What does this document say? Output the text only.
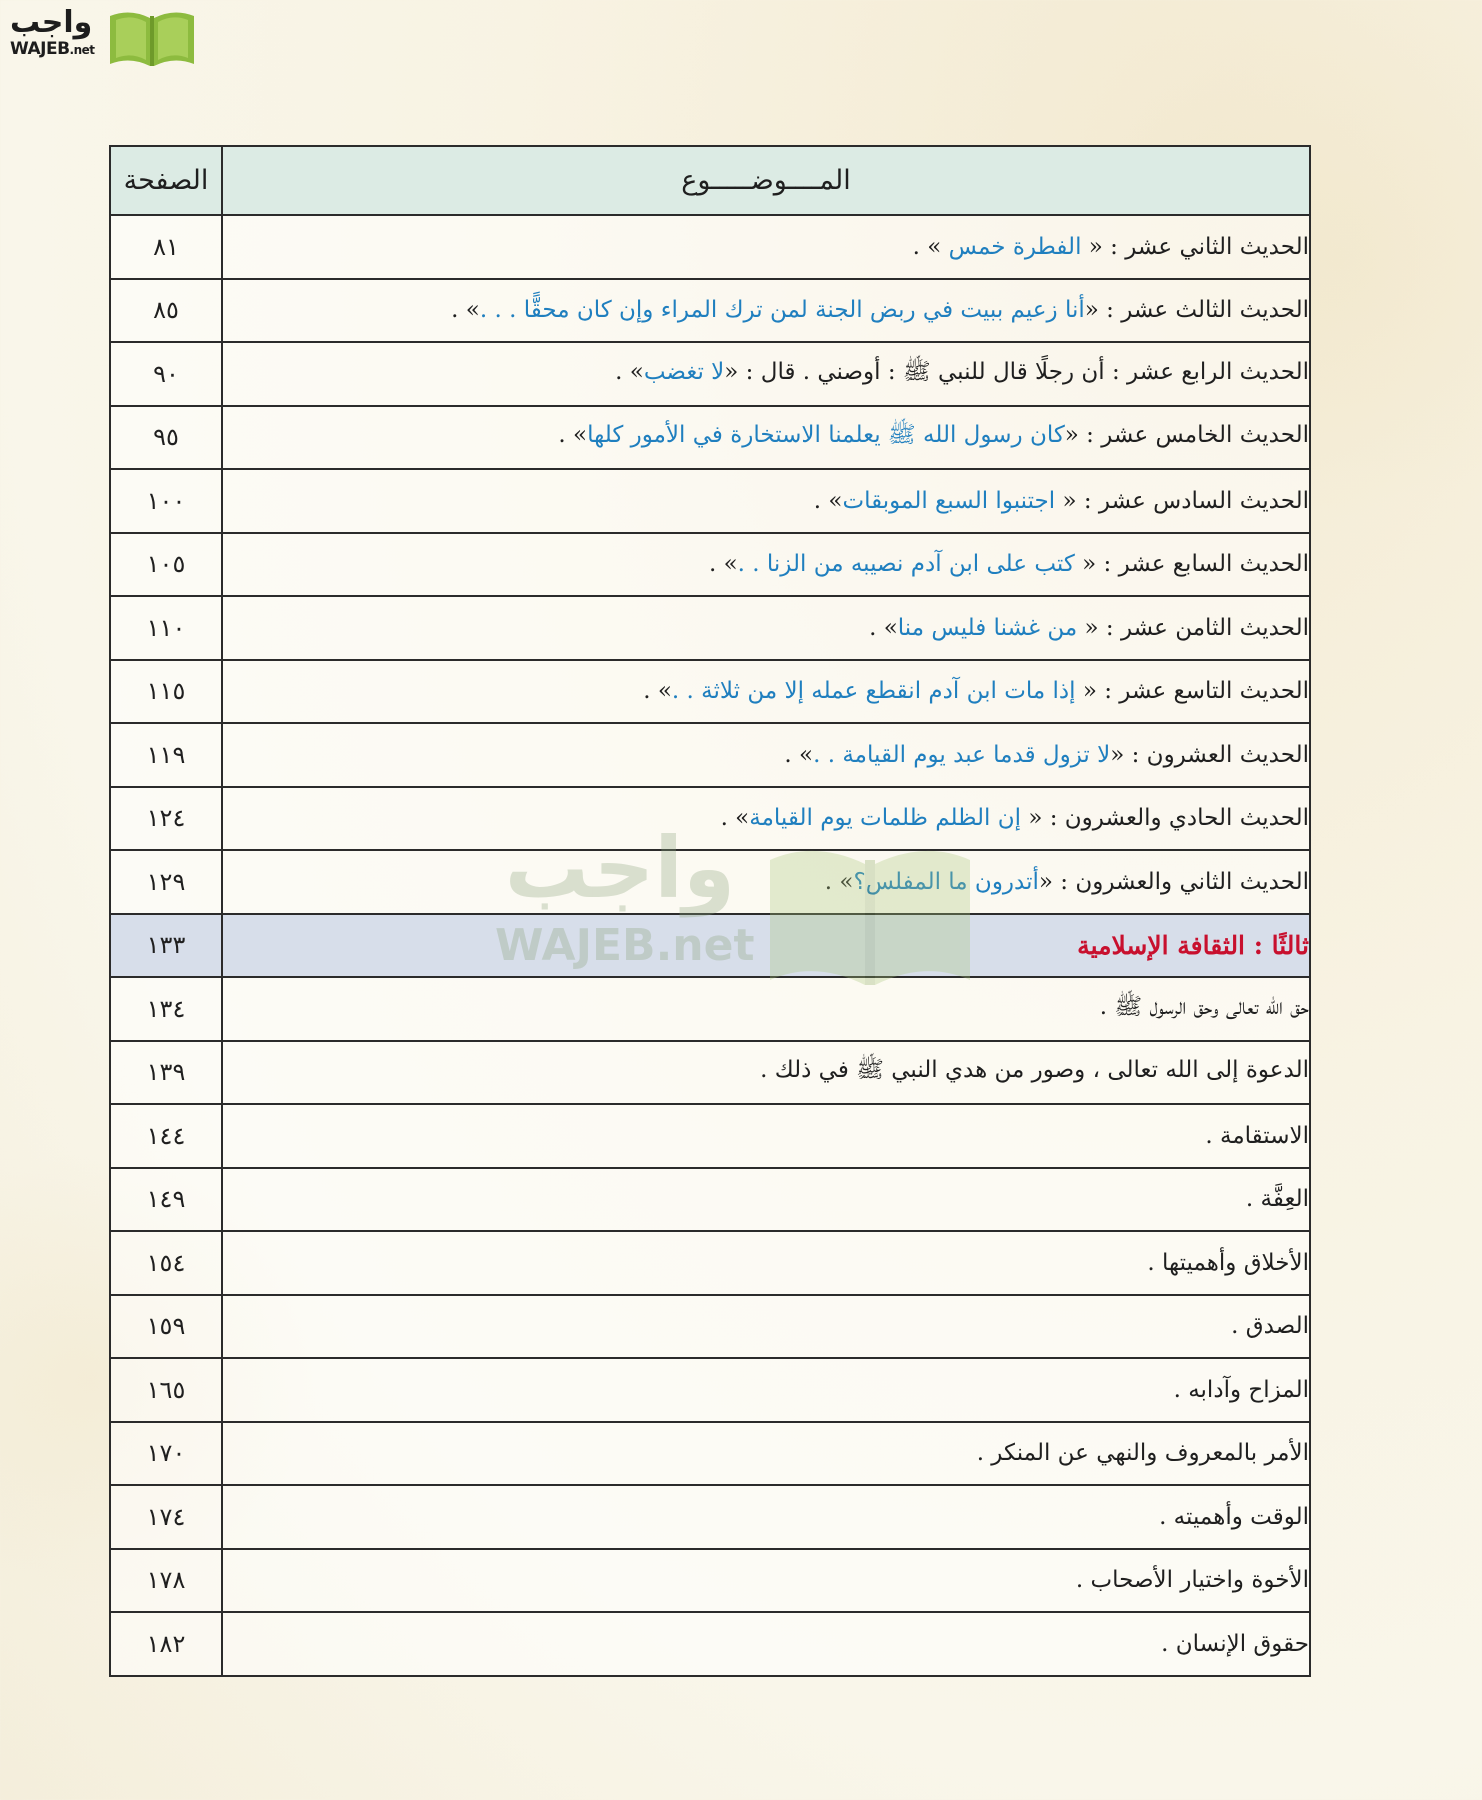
واجب
WAJEB.net
المــــوضـــــوع	الصفحة
الحديث الثاني عشر : « الفطرة خمس » .	٨١
الحديث الثالث عشر : «أنا زعيم ببيت في ربض الجنة لمن ترك المراء وإن كان محقًّا . . .» .	٨٥
الحديث الرابع عشر : أن رجلًا قال للنبي ﷺ : أوصني . قال : «لا تغضب» .	٩٠
الحديث الخامس عشر : «كان رسول الله ﷺ يعلمنا الاستخارة في الأمور كلها» .	٩٥
الحديث السادس عشر : « اجتنبوا السبع الموبقات» .	١٠٠
الحديث السابع عشر : « كتب على ابن آدم نصيبه من الزنا . .» .	١٠٥
الحديث الثامن عشر : « من غشنا فليس منا» .	١١٠
الحديث التاسع عشر : « إذا مات ابن آدم انقطع عمله إلا من ثلاثة . .» .	١١٥
الحديث العشرون : «لا تزول قدما عبد يوم القيامة . .» .	١١٩
الحديث الحادي والعشرون : « إن الظلم ظلمات يوم القيامة» .	١٢٤
الحديث الثاني والعشرون : «أتدرون ما المفلس؟» .	١٢٩
ثالثًا : الثقافة الإسلامية	١٣٣
حق الله تعالى وحق الرسول ﷺ .	١٣٤
الدعوة إلى الله تعالى ، وصور من هدي النبي ﷺ في ذلك .	١٣٩
الاستقامة .	١٤٤
العِفَّة .	١٤٩
الأخلاق وأهميتها .	١٥٤
الصدق .	١٥٩
المزاح وآدابه .	١٦٥
الأمر بالمعروف والنهي عن المنكر .	١٧٠
الوقت وأهميته .	١٧٤
الأخوة واختيار الأصحاب .	١٧٨
حقوق الإنسان .	١٨٢
واجب
WAJEB.net
